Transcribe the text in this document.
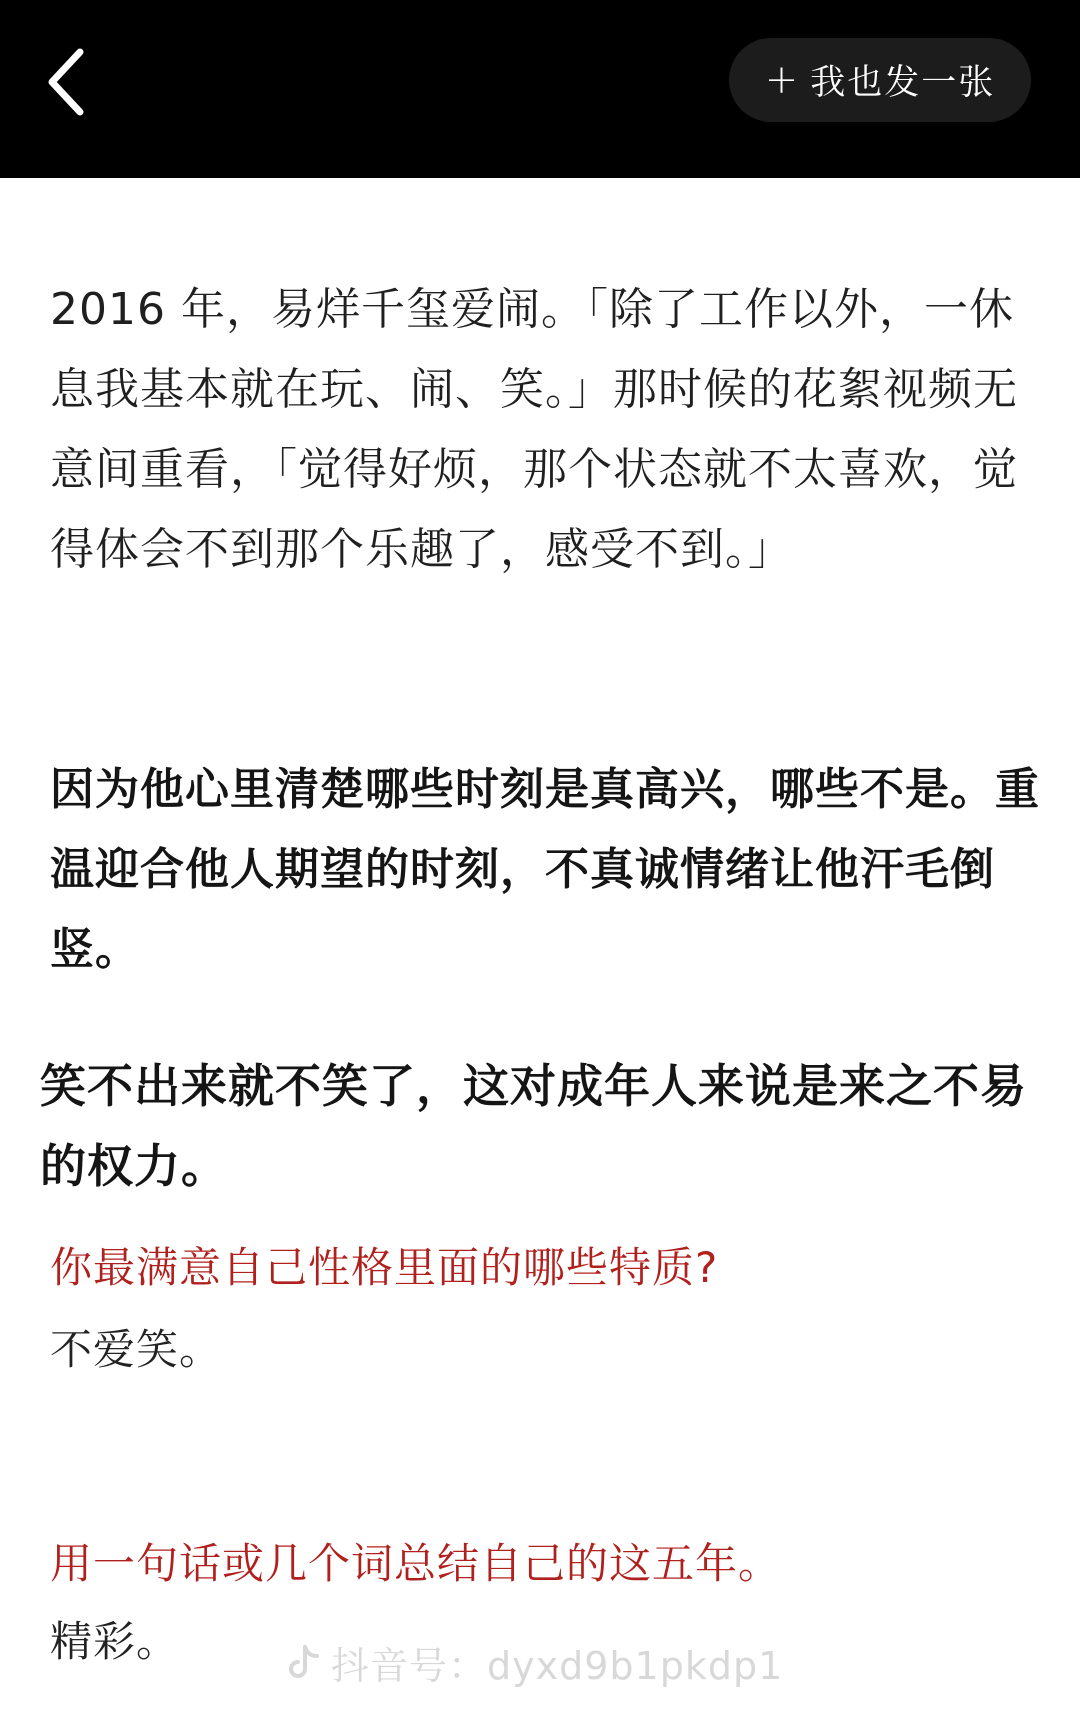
+ 我也发一张

2016 年，易烊千玺爱闹。「除了工作以外，一休息我基本就在玩、闹、笑。」那时候的花絮视频无意间重看，「觉得好烦，那个状态就不太喜欢，觉得体会不到那个乐趣了，感受不到。」

因为他心里清楚哪些时刻是真高兴，哪些不是。重温迎合他人期望的时刻，不真诚情绪让他汗毛倒竖。

笑不出来就不笑了，这对成年人来说是来之不易的权力。

你最满意自己性格里面的哪些特质?

不爱笑。

用一句话或几个词总结自己的这五年。

精彩。	抖音号：dyxd9b1pkdp1
